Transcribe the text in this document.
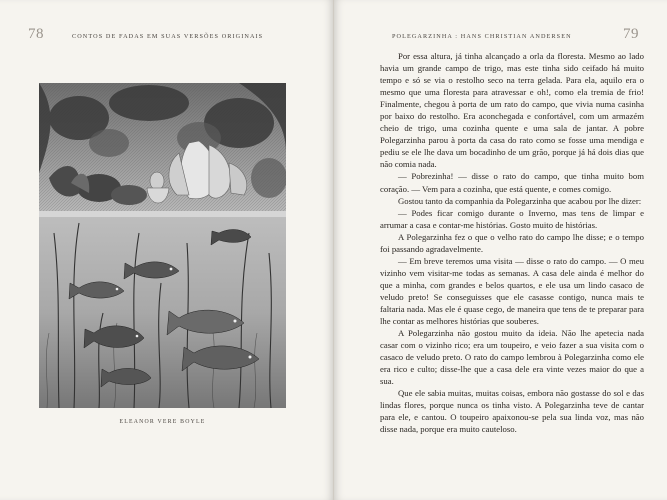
78	CONTOS DE FADAS EM SUAS VERSÕES ORIGINAIS
ELEANOR VERE BOYLE
POLEGARZINHA : HANS CHRISTIAN ANDERSEN	79

Por essa altura, já tinha alcançado a orla da floresta. Mesmo ao lado havia um grande campo de trigo, mas este tinha sido ceifado há muito tempo e só se via o restolho seco na terra gelada. Para ela, aquilo era o mesmo que uma floresta para atravessar e oh!, como ela tremia de frio! Finalmente, chegou à porta de um rato do campo, que vivia numa casinha por baixo do restolho. Era aconchegada e confortável, com um armazém cheio de trigo, uma cozinha quente e uma sala de jantar. A pobre Polegarzinha parou à porta da casa do rato como se fosse uma mendiga e pediu se ele lhe dava um bocadinho de um grão, porque já há dois dias que não comia nada.

— Pobrezinha! — disse o rato do campo, que tinha muito bom coração. — Vem para a cozinha, que está quente, e comes comigo.

Gostou tanto da companhia da Polegarzinha que acabou por lhe dizer:

— Podes ficar comigo durante o Inverno, mas tens de limpar e arrumar a casa e contar-me histórias. Gosto muito de histórias.

A Polegarzinha fez o que o velho rato do campo lhe disse; e o tempo foi passando agradavelmente.

— Em breve teremos uma visita — disse o rato do campo. — O meu vizinho vem visitar-me todas as semanas. A casa dele ainda é melhor do que a minha, com grandes e belos quartos, e ele usa um lindo casaco de veludo preto! Se conseguisses que ele casasse contigo, nunca mais te faltaria nada. Mas ele é quase cego, de maneira que tens de te preparar para lhe contar as melhores histórias que souberes.

A Polegarzinha não gostou muito da ideia. Não lhe apetecia nada casar com o vizinho rico; era um toupeiro, e veio fazer a sua visita com o casaco de veludo preto. O rato do campo lembrou à Polegarzinha como ele era rico e culto; disse-lhe que a casa dele era vinte vezes maior do que a sua.

Que ele sabia muitas, muitas coisas, embora não gostasse do sol e das lindas flores, porque nunca os tinha visto. A Polegarzinha teve de cantar para ele, e cantou. O toupeiro apaixonou-se pela sua linda voz, mas não disse nada, porque era muito cauteloso.
